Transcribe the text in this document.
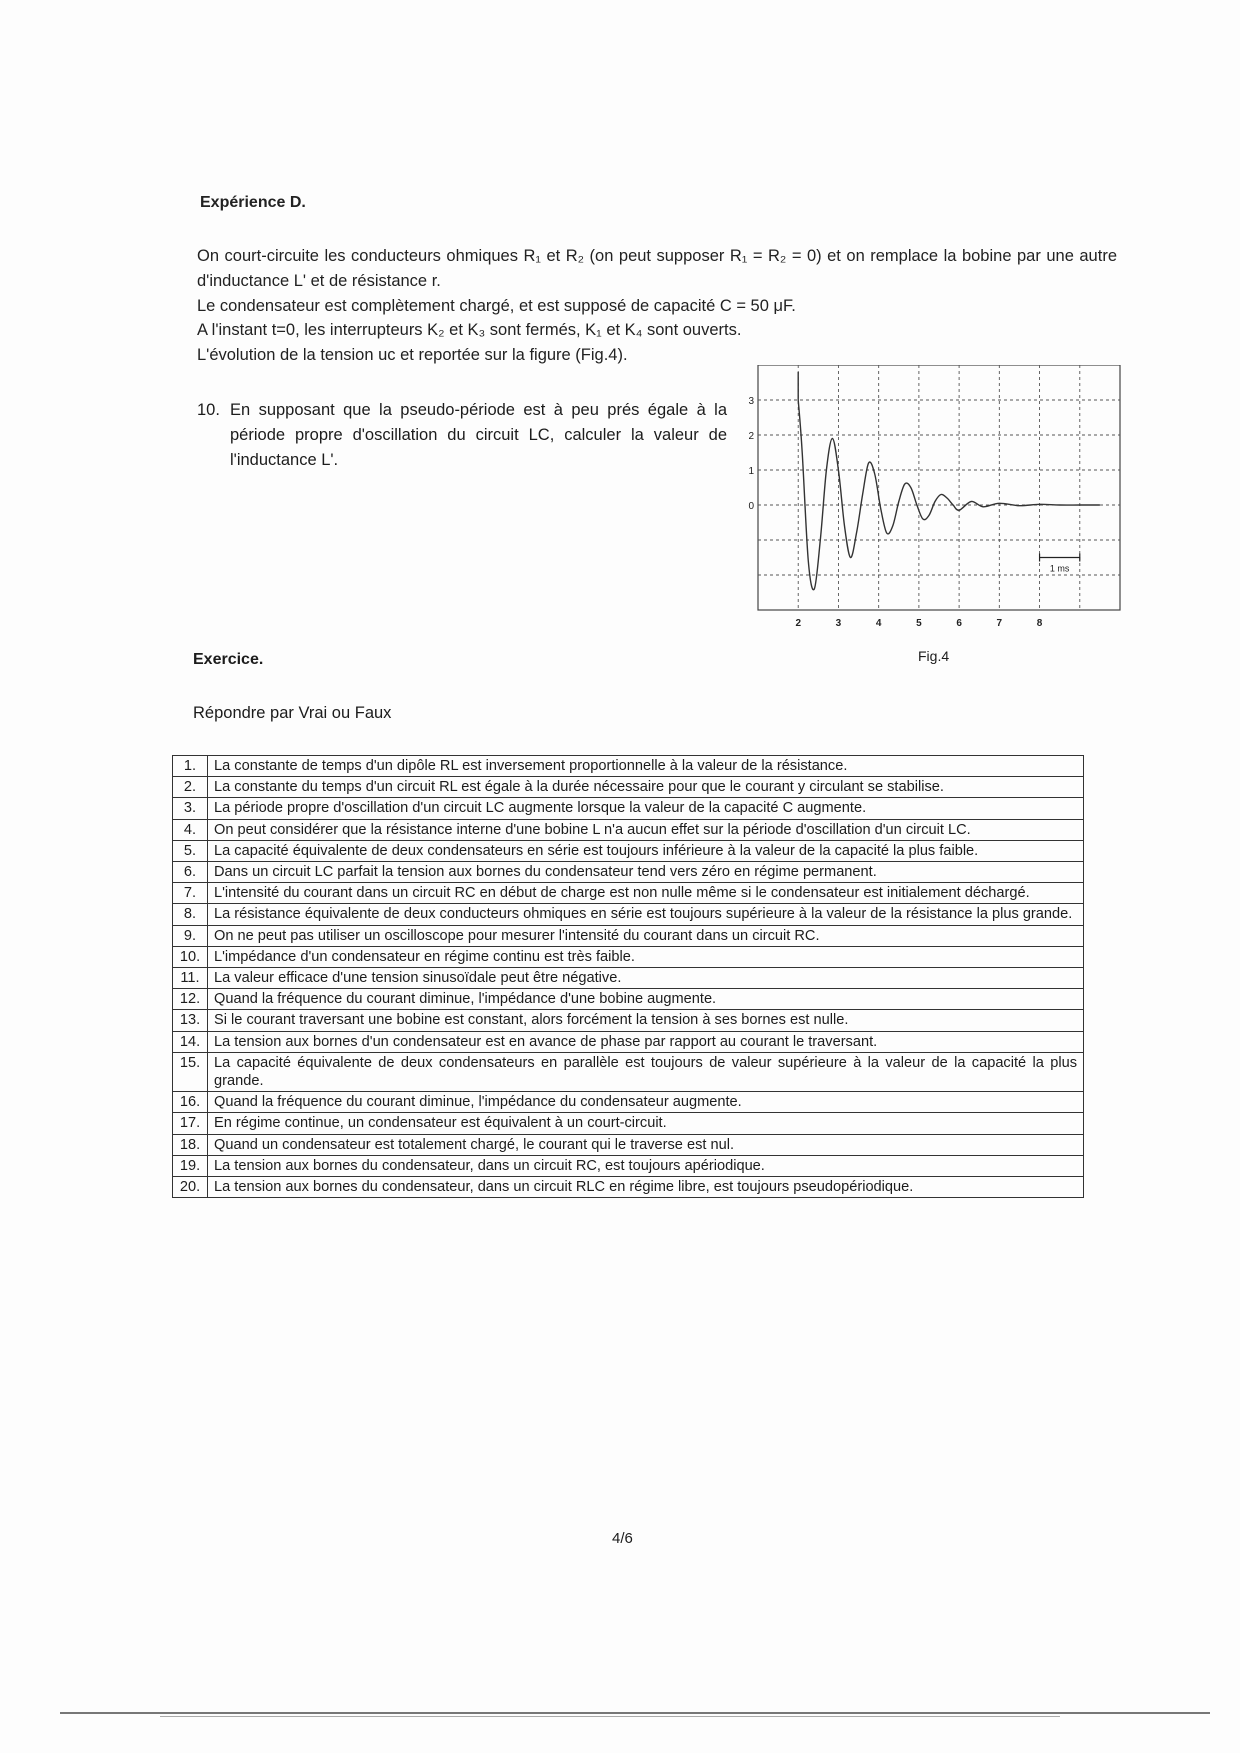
Expérience D.
On court-circuite les conducteurs ohmiques R₁ et R₂ (on peut supposer R₁ = R₂ = 0) et on remplace la bobine par une autre d'inductance L' et de résistance r.
Le condensateur est complètement chargé, et est supposé de capacité C = 50 μF.
A l'instant t=0, les interrupteurs K₂ et K₃ sont fermés, K₁ et K₄ sont ouverts.
L'évolution de la tension uc et reportée sur la figure (Fig.4).
10. En supposant que la pseudo-période est à peu prés égale à la période propre d'oscillation du circuit LC, calculer la valeur de l'inductance L'.
3
2
1
0
2	3	4	5	6	7	8
1 ms
Fig.4
Exercice.
Répondre par Vrai ou Faux
1.	La constante de temps d'un dipôle RL est inversement proportionnelle à la valeur de la résistance.
2.	La constante du temps d'un circuit RL est égale à la durée nécessaire pour que le courant y circulant se stabilise.
3.	La période propre d'oscillation d'un circuit LC augmente lorsque la valeur de la capacité C augmente.
4.	On peut considérer que la résistance interne d'une bobine L n'a aucun effet sur la période d'oscillation d'un circuit LC.
5.	La capacité équivalente de deux condensateurs en série est toujours inférieure à la valeur de la capacité la plus faible.
6.	Dans un circuit LC parfait la tension aux bornes du condensateur tend vers zéro en régime permanent.
7.	L'intensité du courant dans un circuit RC en début de charge est non nulle même si le condensateur est initialement déchargé.
8.	La résistance équivalente de deux conducteurs ohmiques en série est toujours supérieure à la valeur de la résistance la plus grande.
9.	On ne peut pas utiliser un oscilloscope pour mesurer l'intensité du courant dans un circuit RC.
10.	L'impédance d'un condensateur en régime continu est très faible.
11.	La valeur efficace d'une tension sinusoïdale peut être négative.
12.	Quand la fréquence du courant diminue, l'impédance d'une bobine augmente.
13.	Si le courant traversant une bobine est constant, alors forcément la tension à ses bornes est nulle.
14.	La tension aux bornes d'un condensateur est en avance de phase par rapport au courant le traversant.
15.	La capacité équivalente de deux condensateurs en parallèle est toujours de valeur supérieure à la valeur de la capacité la plus grande.
16.	Quand la fréquence du courant diminue, l'impédance du condensateur augmente.
17.	En régime continue, un condensateur est équivalent à un court-circuit.
18.	Quand un condensateur est totalement chargé, le courant qui le traverse est nul.
19.	La tension aux bornes du condensateur, dans un circuit RC, est toujours apériodique.
20.	La tension aux bornes du condensateur, dans un circuit RLC en régime libre, est toujours pseudopériodique.
4/6
